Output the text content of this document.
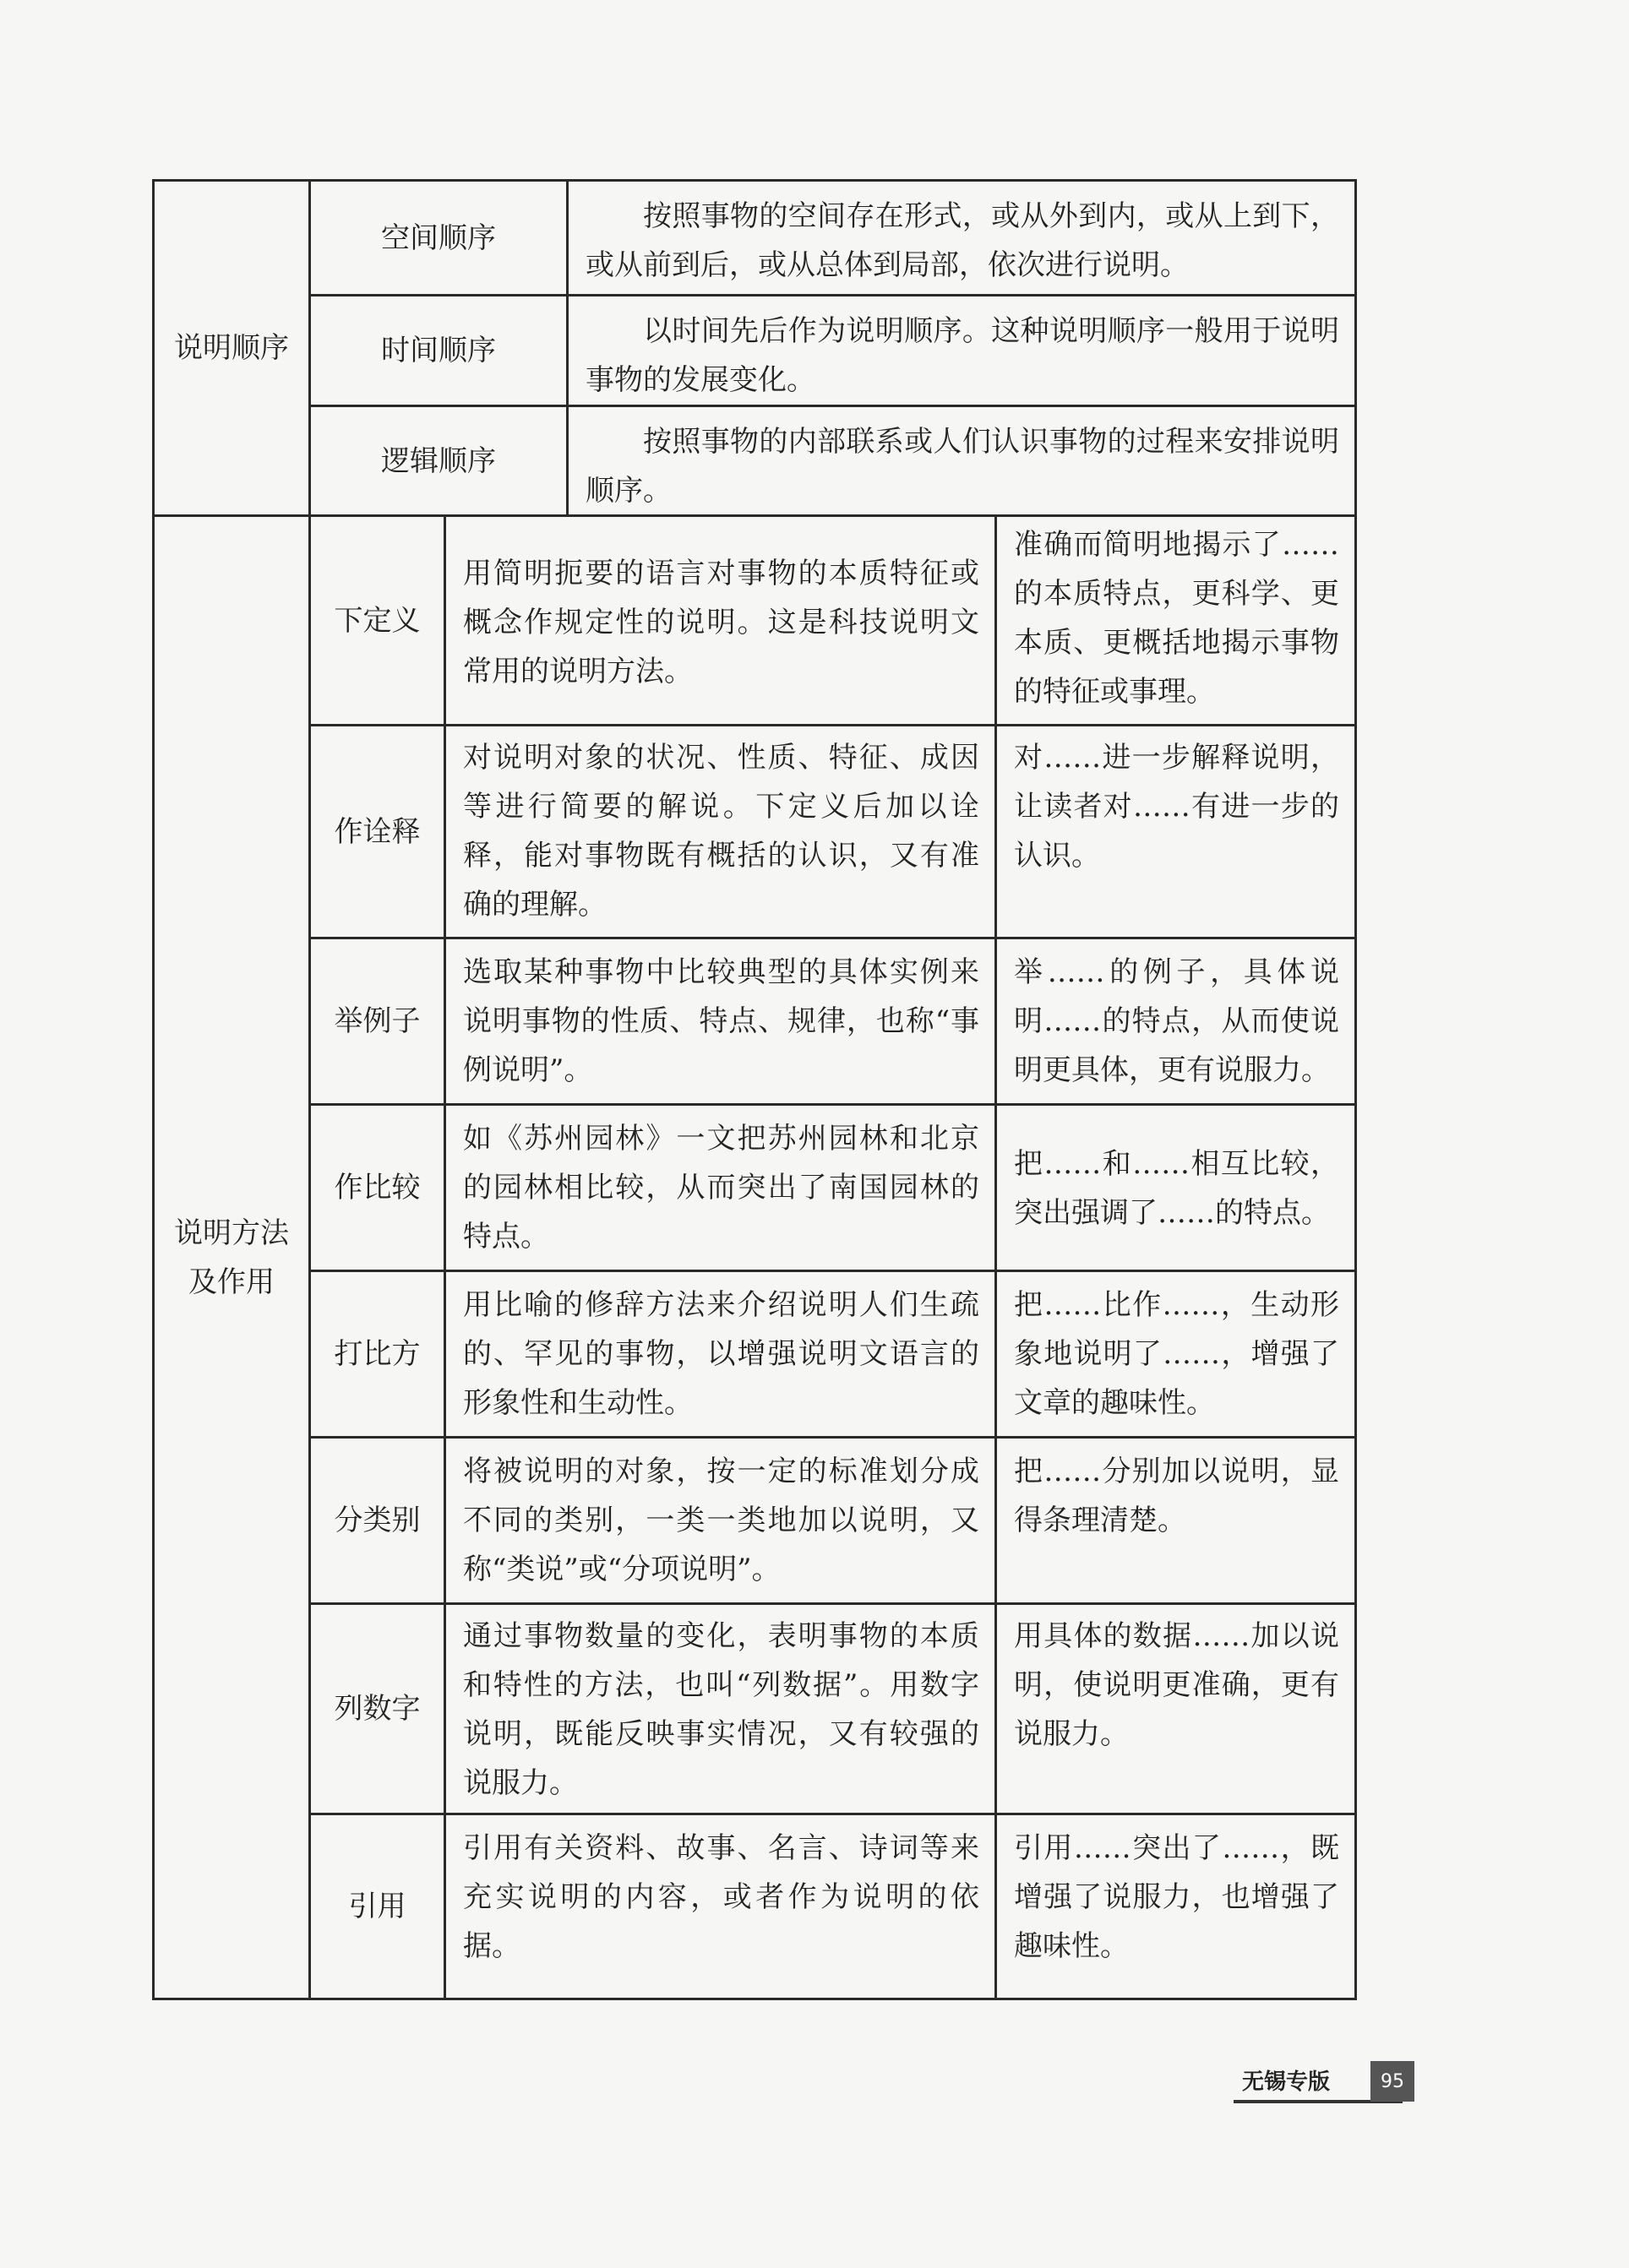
说明顺序
空间顺序
按照事物的空间存在形式，或从外到内，或从上到下，或从前到后，或从总体到局部，依次进行说明。
时间顺序
以时间先后作为说明顺序。这种说明顺序一般用于说明事物的发展变化。
逻辑顺序
按照事物的内部联系或人们认识事物的过程来安排说明顺序。
说明方法及作用
下定义
用简明扼要的语言对事物的本质特征或概念作规定性的说明。这是科技说明文常用的说明方法。
准确而简明地揭示了……的本质特点，更科学、更本质、更概括地揭示事物的特征或事理。
作诠释
对说明对象的状况、性质、特征、成因等进行简要的解说。下定义后加以诠释，能对事物既有概括的认识，又有准确的理解。
对……进一步解释说明，让读者对……有进一步的认识。
举例子
选取某种事物中比较典型的具体实例来说明事物的性质、特点、规律，也称“事例说明”。
举……的例子，具体说明……的特点，从而使说明更具体，更有说服力。
作比较
如《苏州园林》一文把苏州园林和北京的园林相比较，从而突出了南国园林的特点。
把……和……相互比较，突出强调了……的特点。
打比方
用比喻的修辞方法来介绍说明人们生疏的、罕见的事物，以增强说明文语言的形象性和生动性。
把……比作……，生动形象地说明了……，增强了文章的趣味性。
分类别
将被说明的对象，按一定的标准划分成不同的类别，一类一类地加以说明，又称“类说”或“分项说明”。
把……分别加以说明，显得条理清楚。
列数字
通过事物数量的变化，表明事物的本质和特性的方法，也叫“列数据”。用数字说明，既能反映事实情况，又有较强的说服力。
用具体的数据……加以说明，使说明更准确，更有说服力。
引用
引用有关资料、故事、名言、诗词等来充实说明的内容，或者作为说明的依据。
引用……突出了……，既增强了说服力，也增强了趣味性。
无锡专版	95
